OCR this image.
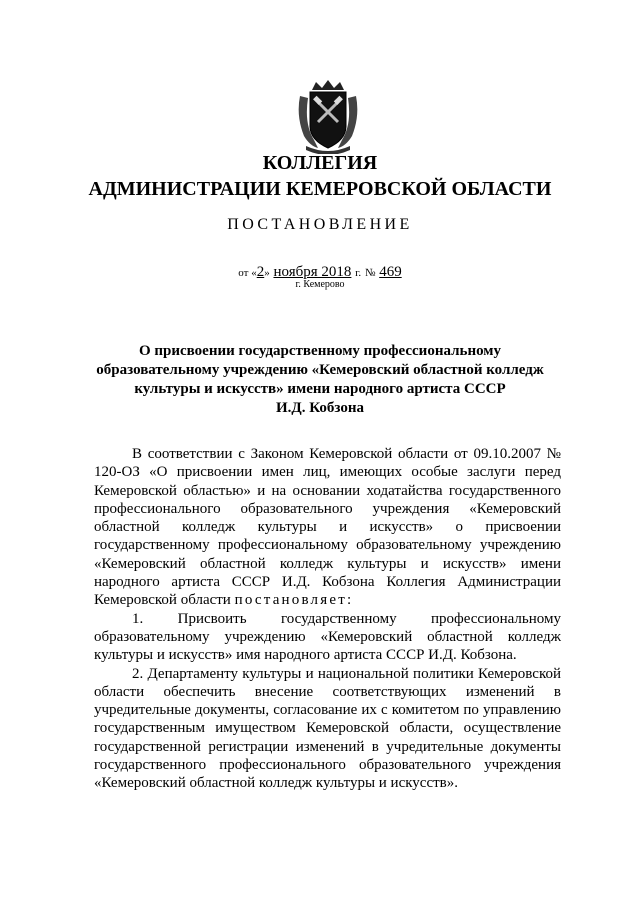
КОЛЛЕГИЯ
АДМИНИСТРАЦИИ КЕМЕРОВСКОЙ ОБЛАСТИ
ПОСТАНОВЛЕНИЕ
от «2» ноября 2018 г. № 469
г. Кемерово
О присвоении государственному профессиональному
образовательному учреждению «Кемеровский областной колледж
культуры и искусств» имени народного артиста СССР
И.Д. Кобзона

В соответствии с Законом Кемеровской области от 09.10.2007 № 120-ОЗ «О присвоении имен лиц, имеющих особые заслуги перед Кемеровской областью» и на основании ходатайства государственного профессионального образовательного учреждения «Кемеровский областной колледж культуры и искусств» о присвоении государственному профессиональному образовательному учреждению «Кемеровский областной колледж культуры и искусств» имени народного артиста СССР И.Д. Кобзона Коллегия Администрации Кемеровской области постановляет:

1. Присвоить государственному профессиональному образовательному учреждению «Кемеровский областной колледж культуры и искусств» имя народного артиста СССР И.Д. Кобзона.

2. Департаменту культуры и национальной политики Кемеровской области обеспечить внесение соответствующих изменений в учредительные документы, согласование их с комитетом по управлению государственным имуществом Кемеровской области, осуществление государственной регистрации изменений в учредительные документы государственного профессионального образовательного учреждения «Кемеровский областной колледж культуры и искусств».
